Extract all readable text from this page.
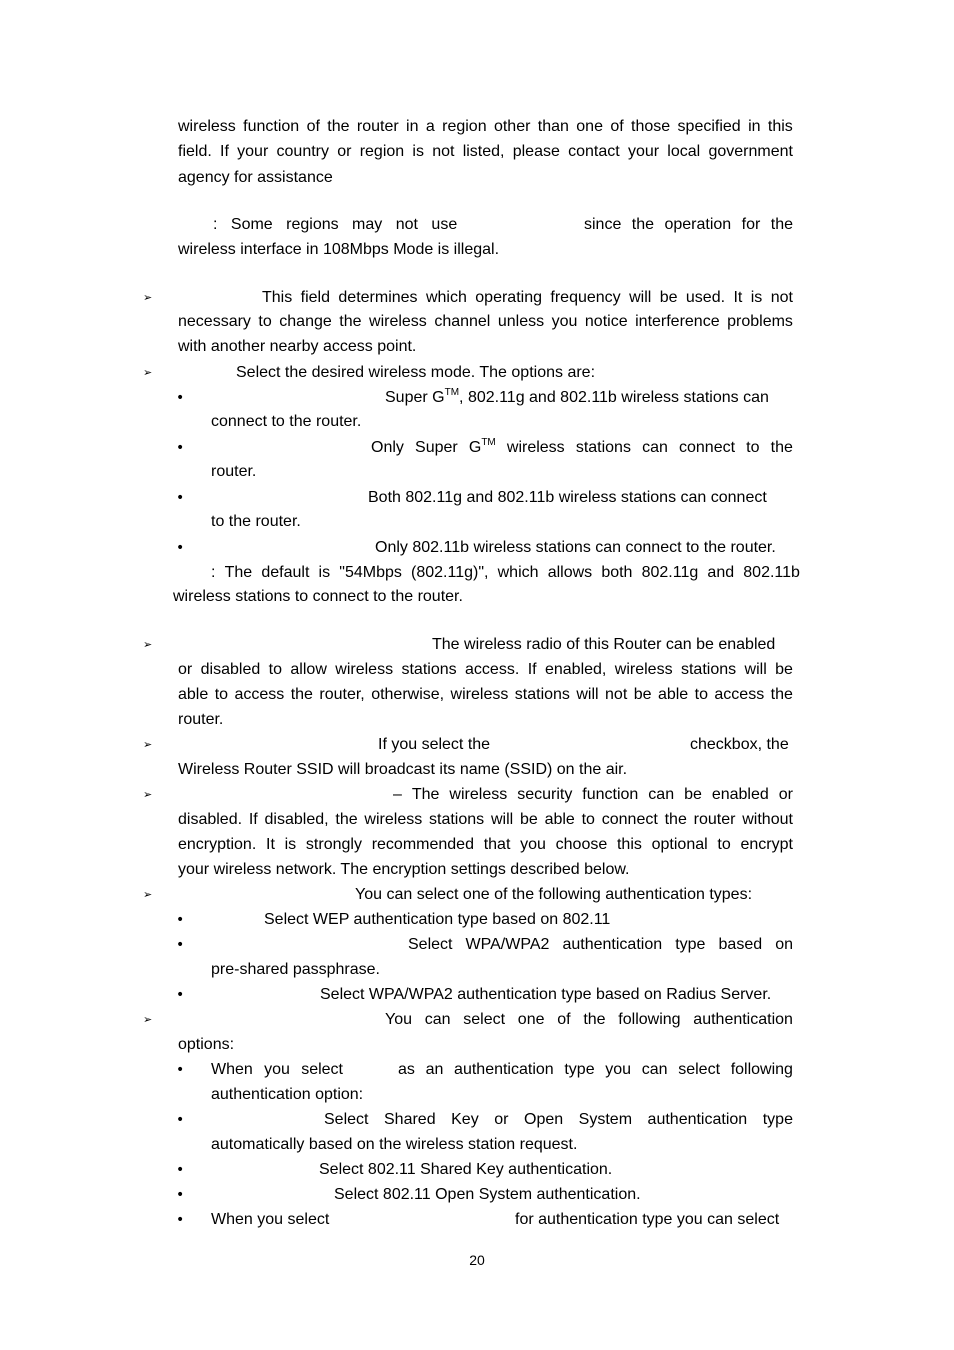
wireless function of the router in a region other than one of those specified in this
field. If your country or region is not listed, please contact your local government
agency for assistance
: Some regions may not use	since the operation for the
wireless interface in 108Mbps Mode is illegal.
➢	This field determines which operating frequency will be used. It is not
necessary to change the wireless channel unless you notice interference problems
with another nearby access point.
➢	Select the desired wireless mode. The options are:
•	Super G™, 802.11g and 802.11b wireless stations can
connect to the router.
•	Only Super G™ wireless stations can connect to the
router.
•	Both 802.11g and 802.11b wireless stations can connect
to the router.
•	Only 802.11b wireless stations can connect to the router.
: The default is "54Mbps (802.11g)", which allows both 802.11g and 802.11b
wireless stations to connect to the router.
➢	The wireless radio of this Router can be enabled
or disabled to allow wireless stations access. If enabled, wireless stations will be
able to access the router, otherwise, wireless stations will not be able to access the
router.
➢	If you select the	checkbox, the
Wireless Router SSID will broadcast its name (SSID) on the air.
➢	– The wireless security function can be enabled or
disabled. If disabled, the wireless stations will be able to connect the router without
encryption. It is strongly recommended that you choose this optional to encrypt
your wireless network. The encryption settings described below.
➢	You can select one of the following authentication types:
•	Select WEP authentication type based on 802.11
•	Select WPA/WPA2 authentication type based on
pre-shared passphrase.
•	Select WPA/WPA2 authentication type based on Radius Server.
➢	You can select one of the following authentication
options:
• When you select	as an authentication type you can select following
authentication option:
•	Select Shared Key or Open System authentication type
automatically based on the wireless station request.
•	Select 802.11 Shared Key authentication.
•	Select 802.11 Open System authentication.
• When you select	for authentication type you can select
20
